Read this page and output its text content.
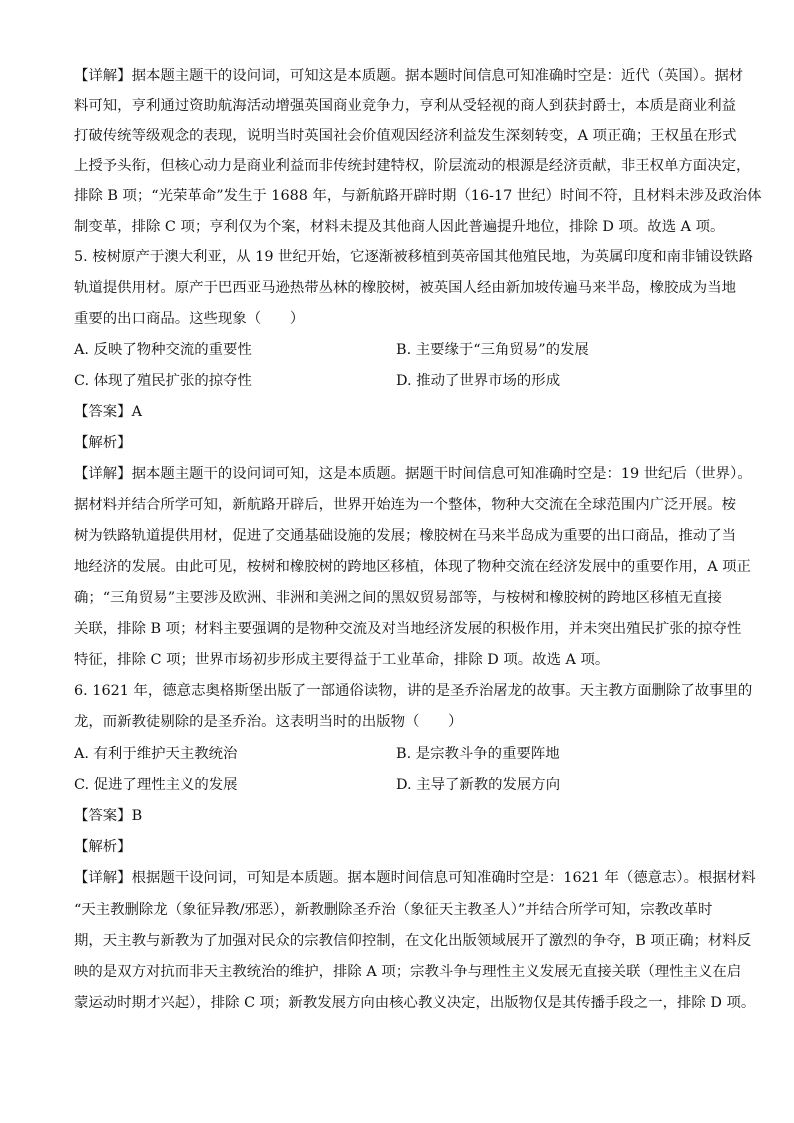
【详解】据本题主题干的设问词，可知这是本质题。据本题时间信息可知准确时空是：近代（英国）。据材
料可知，亨利通过资助航海活动增强英国商业竞争力，亨利从受轻视的商人到获封爵士，本质是商业利益
打破传统等级观念的表现，说明当时英国社会价值观因经济利益发生深刻转变，A 项正确；王权虽在形式
上授予头衔，但核心动力是商业利益而非传统封建特权，阶层流动的根源是经济贡献，非王权单方面决定，
排除 B 项；“光荣革命”发生于 1688 年，与新航路开辟时期（16-17 世纪）时间不符，且材料未涉及政治体
制变革，排除 C 项；亨利仅为个案，材料未提及其他商人因此普遍提升地位，排除 D 项。故选 A 项。
5. 桉树原产于澳大利亚，从 19 世纪开始，它逐渐被移植到英帝国其他殖民地，为英属印度和南非铺设铁路
轨道提供用材。原产于巴西亚马逊热带丛林的橡胶树，被英国人经由新加坡传遍马来半岛，橡胶成为当地
重要的出口商品。这些现象（　　）
A. 反映了物种交流的重要性	B. 主要缘于“三角贸易”的发展
C. 体现了殖民扩张的掠夺性	D. 推动了世界市场的形成
【答案】A
【解析】
【详解】据本题主题干的设问词可知，这是本质题。据题干时间信息可知准确时空是：19 世纪后（世界）。
据材料并结合所学可知，新航路开辟后，世界开始连为一个整体，物种大交流在全球范围内广泛开展。桉
树为铁路轨道提供用材，促进了交通基础设施的发展；橡胶树在马来半岛成为重要的出口商品，推动了当
地经济的发展。由此可见，桉树和橡胶树的跨地区移植，体现了物种交流在经济发展中的重要作用，A 项正
确；“三角贸易”主要涉及欧洲、非洲和美洲之间的黑奴贸易部等，与桉树和橡胶树的跨地区移植无直接
关联，排除 B 项；材料主要强调的是物种交流及对当地经济发展的积极作用，并未突出殖民扩张的掠夺性
特征，排除 C 项；世界市场初步形成主要得益于工业革命，排除 D 项。故选 A 项。
6. 1621 年，德意志奥格斯堡出版了一部通俗读物，讲的是圣乔治屠龙的故事。天主教方面删除了故事里的
龙，而新教徒剔除的是圣乔治。这表明当时的出版物（　　）
A. 有利于维护天主教统治	B. 是宗教斗争的重要阵地
C. 促进了理性主义的发展	D. 主导了新教的发展方向
【答案】B
【解析】
【详解】根据题干设问词，可知是本质题。据本题时间信息可知准确时空是：1621 年（德意志）。根据材料
“天主教删除龙（象征异教/邪恶），新教删除圣乔治（象征天主教圣人）”并结合所学可知，宗教改革时
期，天主教与新教为了加强对民众的宗教信仰控制，在文化出版领域展开了激烈的争夺，B 项正确；材料反
映的是双方对抗而非天主教统治的维护，排除 A 项；宗教斗争与理性主义发展无直接关联（理性主义在启
蒙运动时期才兴起），排除 C 项；新教发展方向由核心教义决定，出版物仅是其传播手段之一，排除 D 项。
